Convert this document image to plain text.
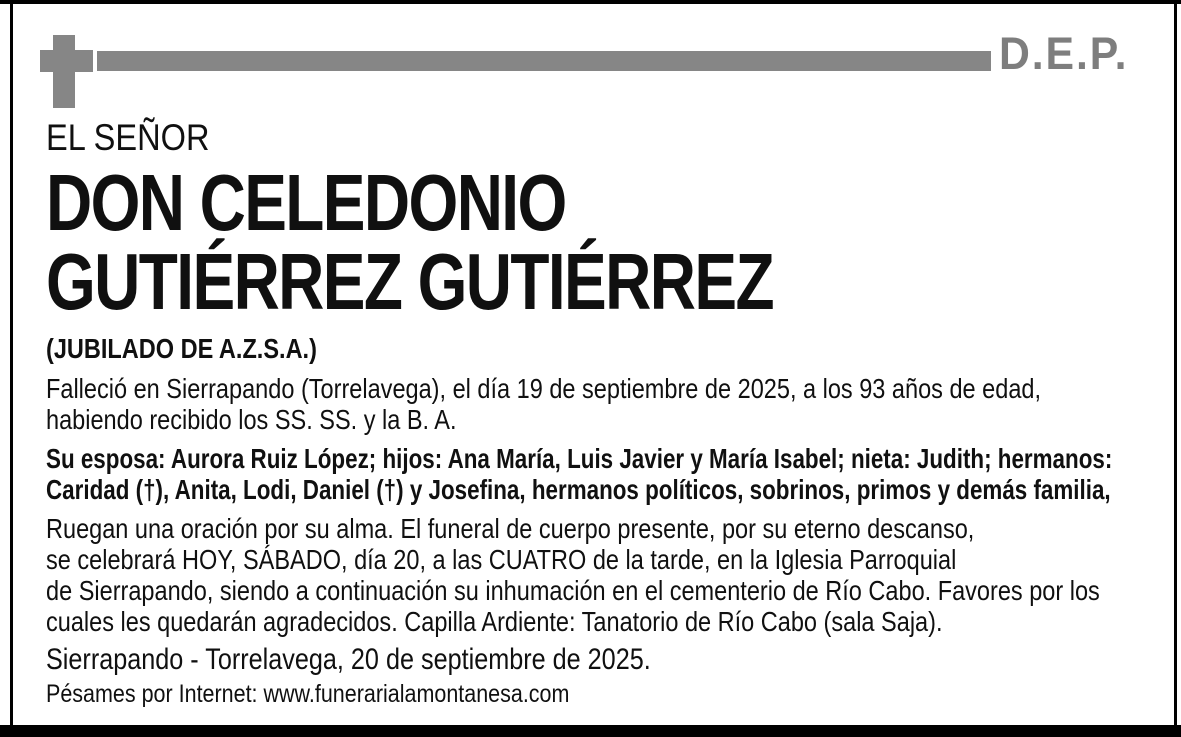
D.E.P.
EL SEÑOR
DON CELEDONIO
GUTIÉRREZ GUTIÉRREZ
(JUBILADO DE A.Z.S.A.)
Falleció en Sierrapando (Torrelavega), el día 19 de septiembre de 2025, a los 93 años de edad,
habiendo recibido los SS. SS. y la B. A.
Su esposa: Aurora Ruiz López; hijos: Ana María, Luis Javier y María Isabel; nieta: Judith; hermanos:
Caridad (†), Anita, Lodi, Daniel (†) y Josefina, hermanos políticos, sobrinos, primos y demás familia,
Ruegan una oración por su alma. El funeral de cuerpo presente, por su eterno descanso,
se celebrará HOY, SÁBADO, día 20, a las CUATRO de la tarde, en la Iglesia Parroquial
de Sierrapando, siendo a continuación su inhumación en el cementerio de Río Cabo. Favores por los
cuales les quedarán agradecidos. Capilla Ardiente: Tanatorio de Río Cabo (sala Saja).
Sierrapando - Torrelavega, 20 de septiembre de 2025.
Pésames por Internet: www.funerarialamontanesa.com
